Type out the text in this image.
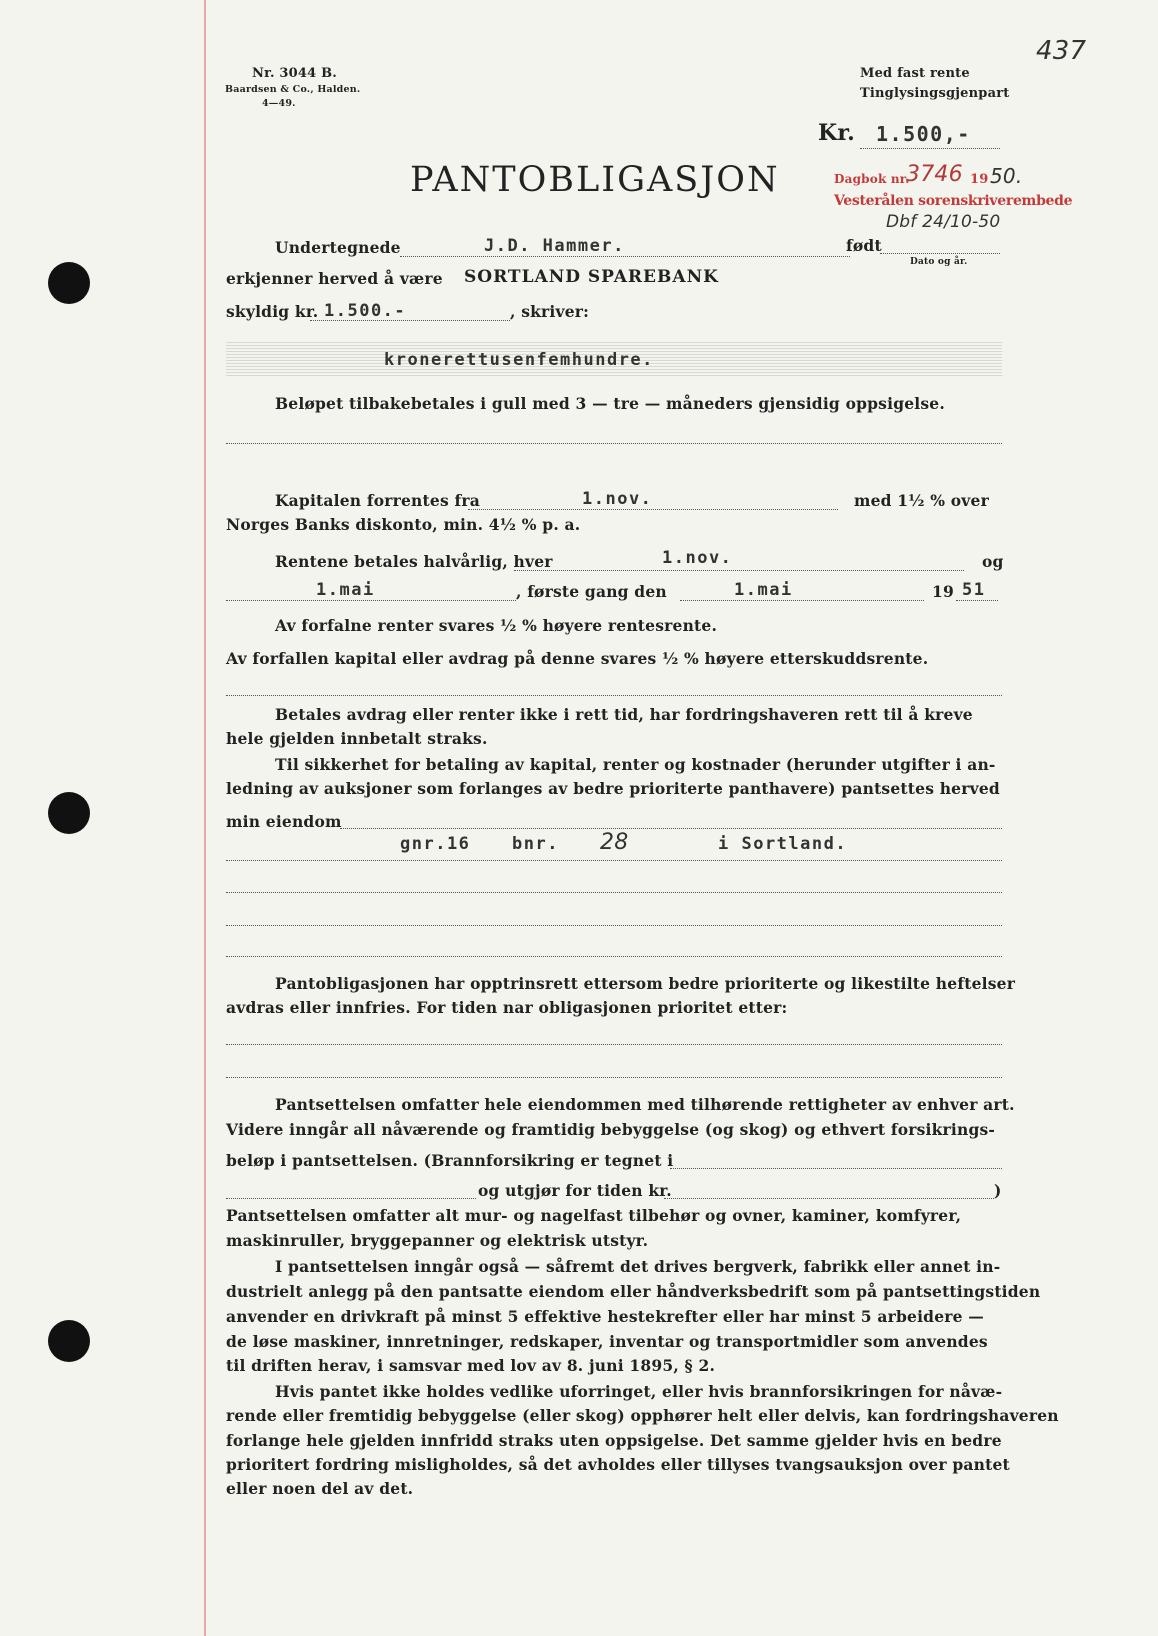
437
Nr. 3044 B.
Baardsen & Co., Halden.
4—49.
Med fast rente
Tinglysingsgjenpart
Kr. 1.500,-
PANTOBLIGASJON	Dagbok nr.
3746 19 50.
Vesterålen sorenskriverembede
Dbf 24/10-50
Undertegnede	J.D. Hammer.	født
Dato og år.
erkjenner herved å være SORTLAND SPAREBANK
skyldig kr. 1.500.-	, skriver:
kronerettusenfemhundre.
Beløpet tilbakebetales i gull med 3 — tre — måneders gjensidig oppsigelse.
Kapitalen forrentes fra	1.nov.	med 1½ % over
Norges Banks diskonto, min. 4½ % p. a.
Rentene betales halvårlig, hver	1.nov.	og
1.mai	, første gang den	1.mai	19 51
Av forfalne renter svares ½ % høyere rentesrente.
Av forfallen kapital eller avdrag på denne svares ½ % høyere etterskuddsrente.
Betales avdrag eller renter ikke i rett tid, har fordringshaveren rett til å kreve
hele gjelden innbetalt straks.
Til sikkerhet for betaling av kapital, renter og kostnader (herunder utgifter i an-
ledning av auksjoner som forlanges av bedre prioriterte panthavere) pantsettes herved
min eiendom
gnr.16 bnr. 28	i Sortland.
Pantobligasjonen har opptrinsrett ettersom bedre prioriterte og likestilte heftelser
avdras eller innfries. For tiden nar obligasjonen prioritet etter:
Pantsettelsen omfatter hele eiendommen med tilhørende rettigheter av enhver art.
Videre inngår all nåværende og framtidig bebyggelse (og skog) og ethvert forsikrings-
beløp i pantsettelsen. (Brannforsikring er tegnet i
og utgjør for tiden kr.	)
Pantsettelsen omfatter alt mur- og nagelfast tilbehør og ovner, kaminer, komfyrer,
maskinruller, bryggepanner og elektrisk utstyr.
I pantsettelsen inngår også — såfremt det drives bergverk, fabrikk eller annet in-
dustrielt anlegg på den pantsatte eiendom eller håndverksbedrift som på pantsettingstiden
anvender en drivkraft på minst 5 effektive hestekrefter eller har minst 5 arbeidere —
de løse maskiner, innretninger, redskaper, inventar og transportmidler som anvendes
til driften herav, i samsvar med lov av 8. juni 1895, § 2.
Hvis pantet ikke holdes vedlike uforringet, eller hvis brannforsikringen for nåvæ-
rende eller fremtidig bebyggelse (eller skog) opphører helt eller delvis, kan fordringshaveren
forlange hele gjelden innfridd straks uten oppsigelse. Det samme gjelder hvis en bedre
prioritert fordring misligholdes, så det avholdes eller tillyses tvangsauksjon over pantet
eller noen del av det.
